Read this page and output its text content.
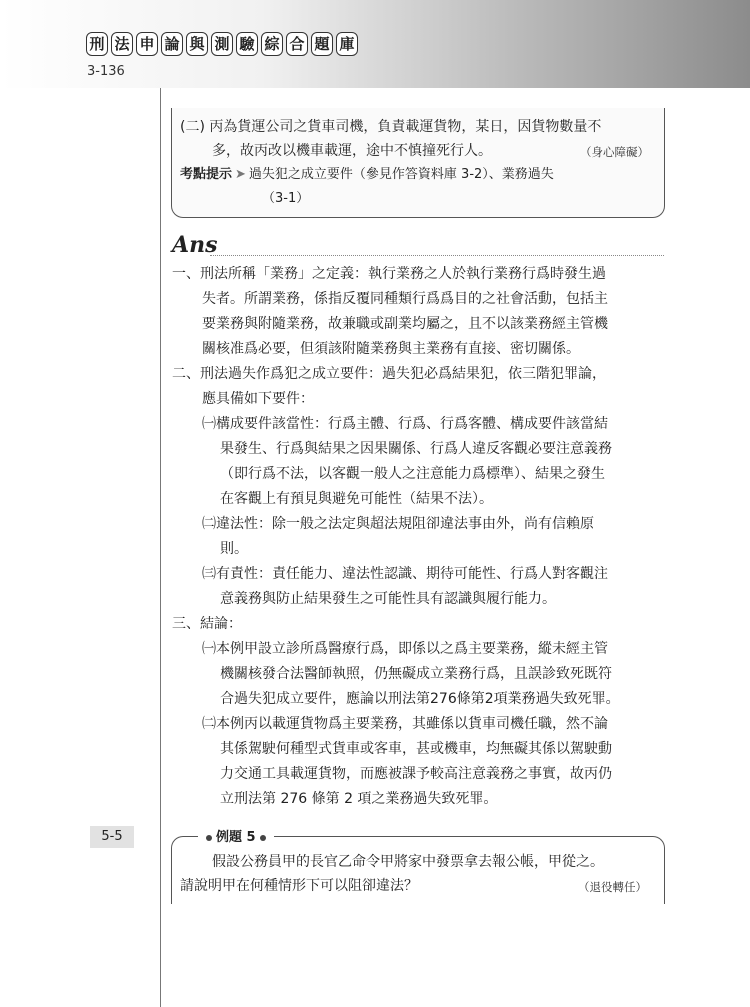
刑 法 申 論 與 測 驗 綜 合 題 庫
3-136
(二) 丙為貨運公司之貨車司機，負責載運貨物，某日，因貨物數量不
多，故丙改以機車載運，途中不慎撞死行人。	（身心障礙）
考點提示 ➤ 過失犯之成立要件（參見作答資料庫 3-2）、業務過失
（3-1）
Ans
一、刑法所稱「業務」之定義：執行業務之人於執行業務行爲時發生過
失者。所謂業務，係指反覆同種類行爲爲目的之社會活動，包括主
要業務與附隨業務，故兼職或副業均屬之，且不以該業務經主管機
關核准爲必要，但須該附隨業務與主業務有直接、密切關係。
二、刑法過失作爲犯之成立要件：過失犯必爲結果犯，依三階犯罪論，
應具備如下要件：
㈠構成要件該當性：行爲主體、行爲、行爲客體、構成要件該當結
果發生、行爲與結果之因果關係、行爲人違反客觀必要注意義務
（即行爲不法，以客觀一般人之注意能力爲標準）、結果之發生
在客觀上有預見與避免可能性（結果不法）。
㈡違法性：除一般之法定與超法規阻卻違法事由外，尚有信賴原
則。
㈢有責性：責任能力、違法性認識、期待可能性、行爲人對客觀注
意義務與防止結果發生之可能性具有認識與履行能力。
三、結論：
㈠本例甲設立診所爲醫療行爲，即係以之爲主要業務，縱未經主管
機關核發合法醫師執照，仍無礙成立業務行爲，且誤診致死既符
合過失犯成立要件，應論以刑法第276條第2項業務過失致死罪。
㈡本例丙以載運貨物爲主要業務，其雖係以貨車司機任職，然不論
其係駕駛何種型式貨車或客車，甚或機車，均無礙其係以駕駛動
力交通工具載運貨物，而應被課予較高注意義務之事實，故丙仍
立刑法第 276 條第 2 項之業務過失致死罪。
5-5	例題 5
假設公務員甲的長官乙命令甲將家中發票拿去報公帳，甲從之。
請說明甲在何種情形下可以阻卻違法？	（退役轉任）
